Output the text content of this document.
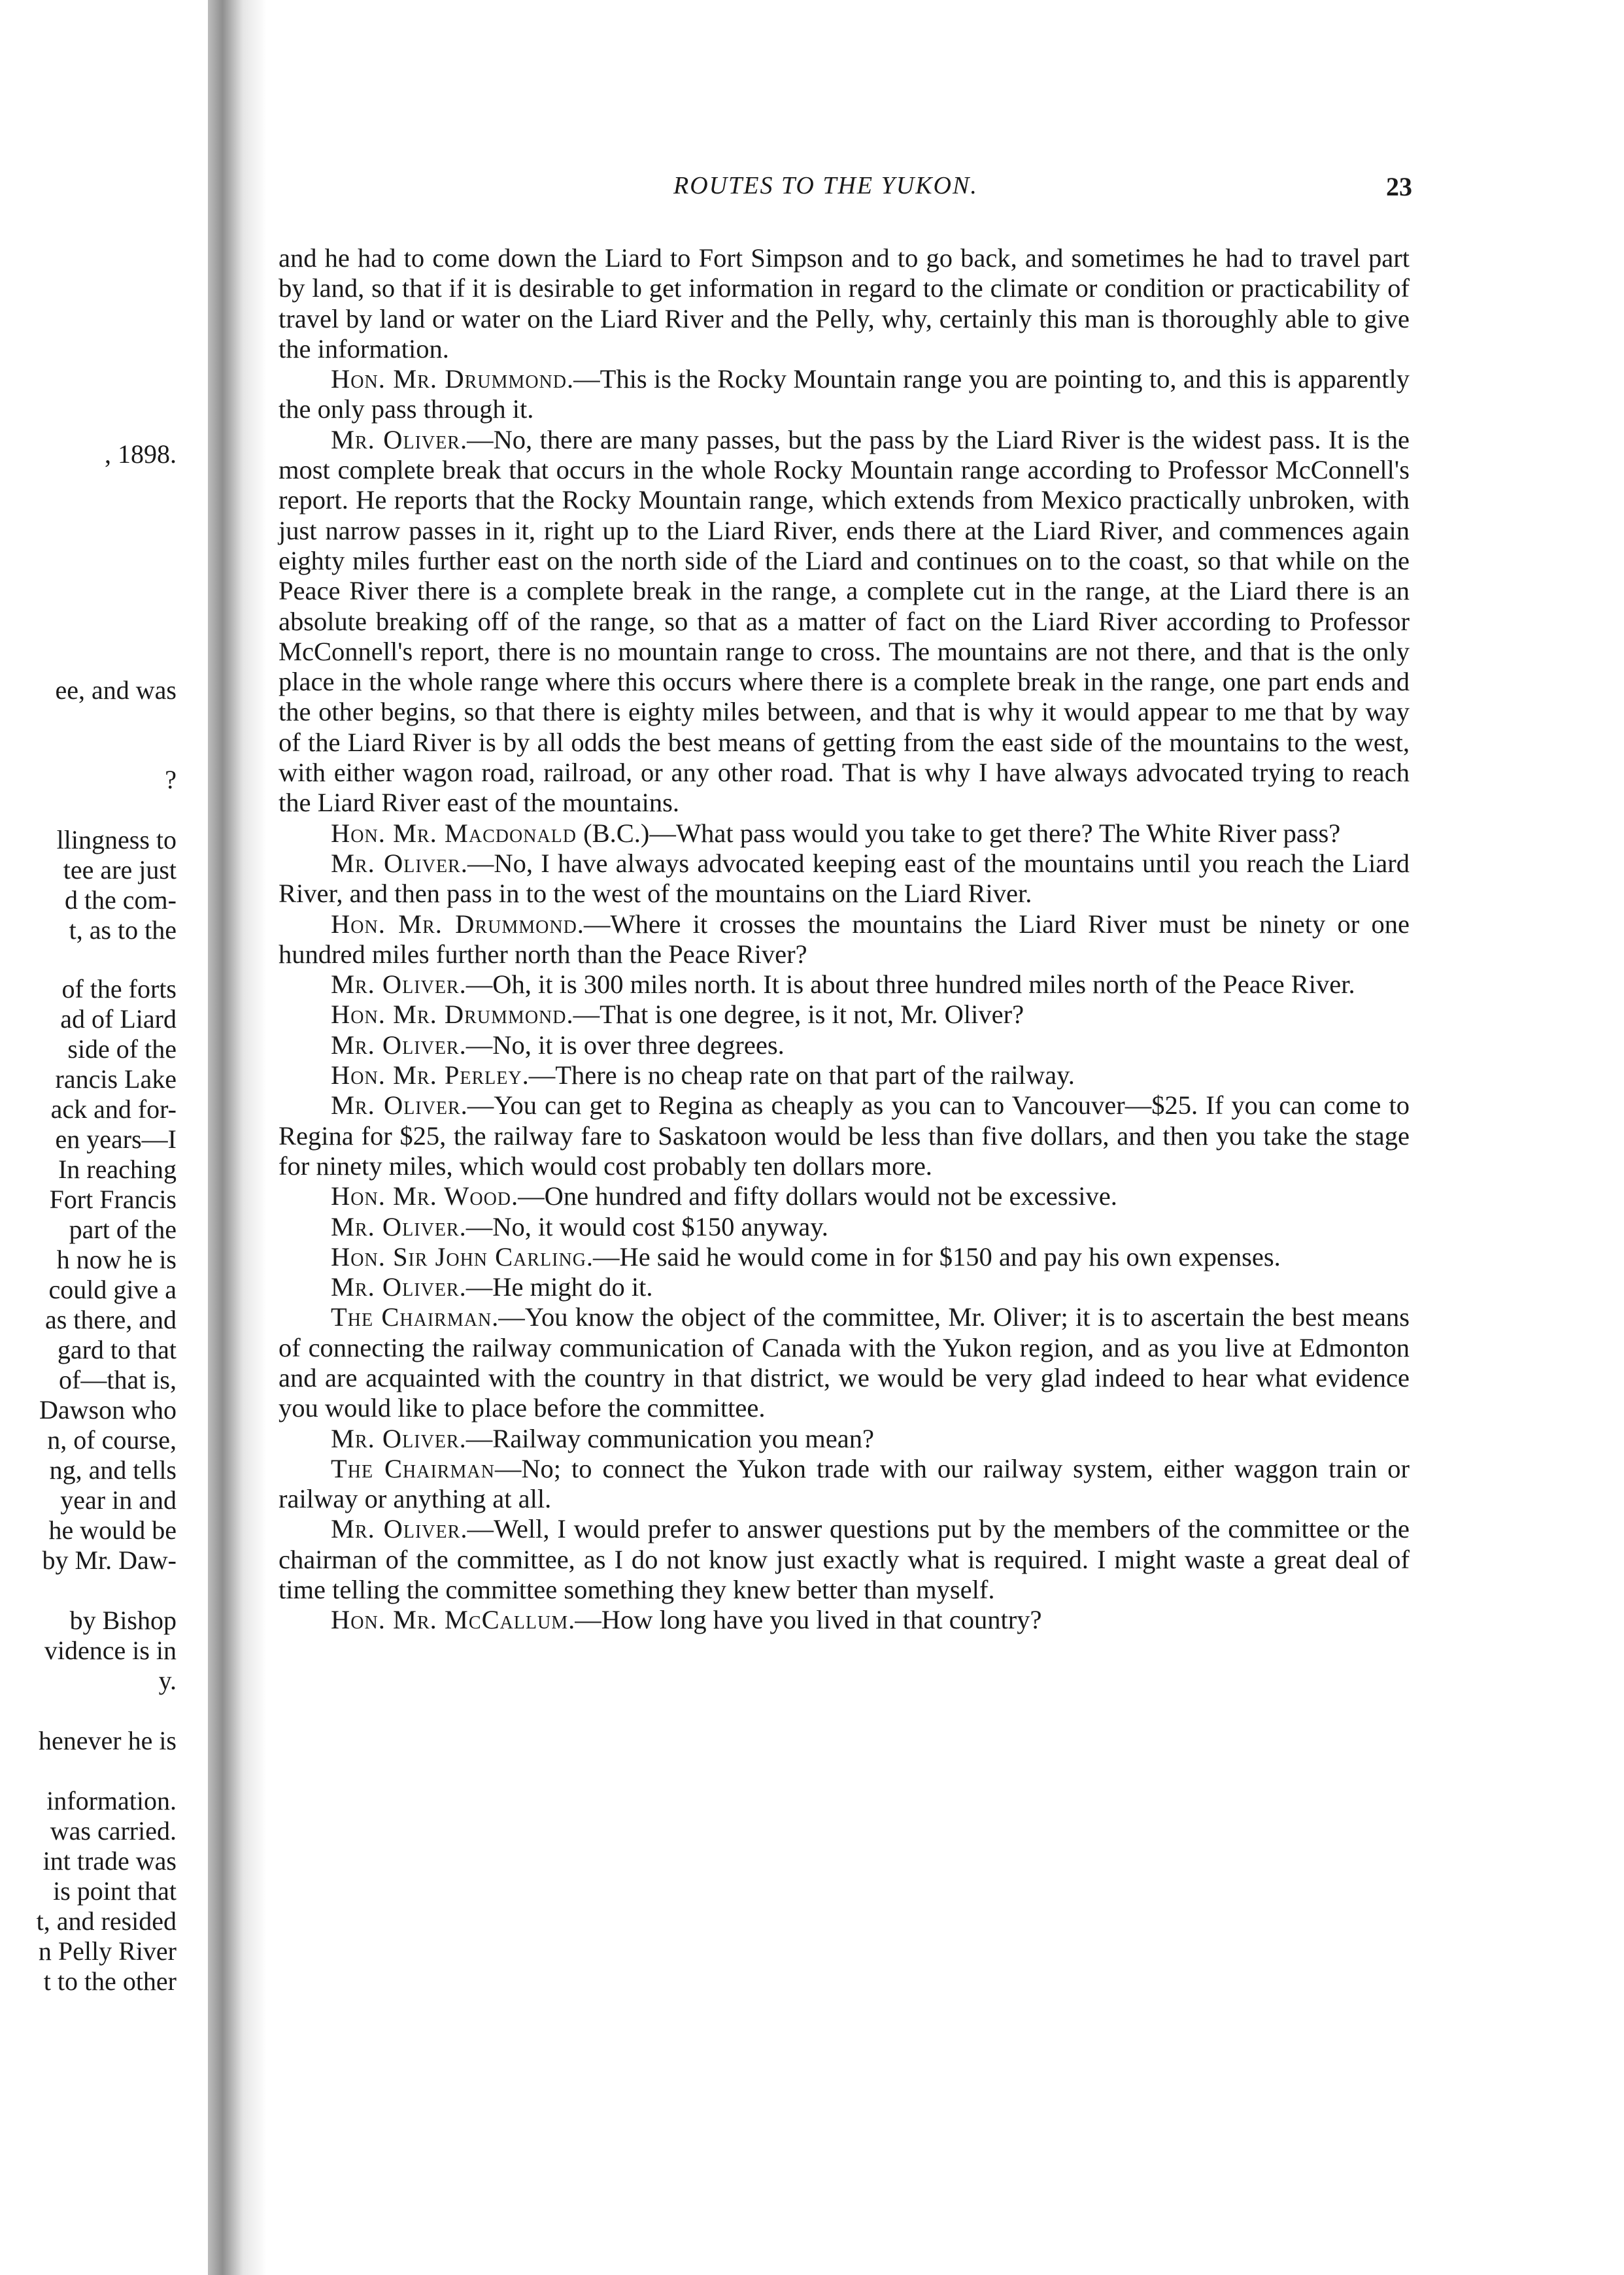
, 1898.
ee, and was
?
llingness to
tee are just
d the com-
t, as to the
of the forts
ad of Liard
side of the
rancis Lake
ack and for-
en years—I
In reaching
Fort Francis
part of the
h now he is
could give a
as there, and
gard to that
of—that is,
Dawson who
n, of course,
ng, and tells
year in and
he would be
by Mr. Daw-
by Bishop
vidence is in
y.
henever he is
information.
was carried.
int trade was
is point that
t, and resided
n Pelly River
t to the other
ROUTES TO THE YUKON.	23

and he had to come down the Liard to Fort Simpson and to go back, and sometimes he had to travel part by land, so that if it is desirable to get information in regard to the climate or condition or practicability of travel by land or water on the Liard River and the Pelly, why, certainly this man is thoroughly able to give the information.

Hon. Mr. Drummond.—This is the Rocky Mountain range you are pointing to, and this is apparently the only pass through it.

Mr. Oliver.—No, there are many passes, but the pass by the Liard River is the widest pass. It is the most complete break that occurs in the whole Rocky Mountain range according to Professor McConnell's report. He reports that the Rocky Mountain range, which extends from Mexico practically unbroken, with just narrow passes in it, right up to the Liard River, ends there at the Liard River, and commences again eighty miles further east on the north side of the Liard and continues on to the coast, so that while on the Peace River there is a complete break in the range, a complete cut in the range, at the Liard there is an absolute breaking off of the range, so that as a matter of fact on the Liard River according to Professor McConnell's report, there is no mountain range to cross. The mountains are not there, and that is the only place in the whole range where this occurs where there is a complete break in the range, one part ends and the other begins, so that there is eighty miles between, and that is why it would appear to me that by way of the Liard River is by all odds the best means of getting from the east side of the mountains to the west, with either wagon road, railroad, or any other road. That is why I have always advocated trying to reach the Liard River east of the mountains.

Hon. Mr. Macdonald (B.C.)—What pass would you take to get there? The White River pass?

Mr. Oliver.—No, I have always advocated keeping east of the mountains until you reach the Liard River, and then pass in to the west of the mountains on the Liard River.

Hon. Mr. Drummond.—Where it crosses the mountains the Liard River must be ninety or one hundred miles further north than the Peace River?

Mr. Oliver.—Oh, it is 300 miles north. It is about three hundred miles north of the Peace River.

Hon. Mr. Drummond.—That is one degree, is it not, Mr. Oliver?

Mr. Oliver.—No, it is over three degrees.

Hon. Mr. Perley.—There is no cheap rate on that part of the railway.

Mr. Oliver.—You can get to Regina as cheaply as you can to Vancouver—$25. If you can come to Regina for $25, the railway fare to Saskatoon would be less than five dollars, and then you take the stage for ninety miles, which would cost probably ten dollars more.

Hon. Mr. Wood.—One hundred and fifty dollars would not be excessive.

Mr. Oliver.—No, it would cost $150 anyway.

Hon. Sir John Carling.—He said he would come in for $150 and pay his own expenses.

Mr. Oliver.—He might do it.

The Chairman.—You know the object of the committee, Mr. Oliver; it is to ascertain the best means of connecting the railway communication of Canada with the Yukon region, and as you live at Edmonton and are acquainted with the country in that district, we would be very glad indeed to hear what evidence you would like to place before the committee.

Mr. Oliver.—Railway communication you mean?

The Chairman—No; to connect the Yukon trade with our railway system, either waggon train or railway or anything at all.

Mr. Oliver.—Well, I would prefer to answer questions put by the members of the committee or the chairman of the committee, as I do not know just exactly what is required. I might waste a great deal of time telling the committee something they knew better than myself.

Hon. Mr. McCallum.—How long have you lived in that country?
